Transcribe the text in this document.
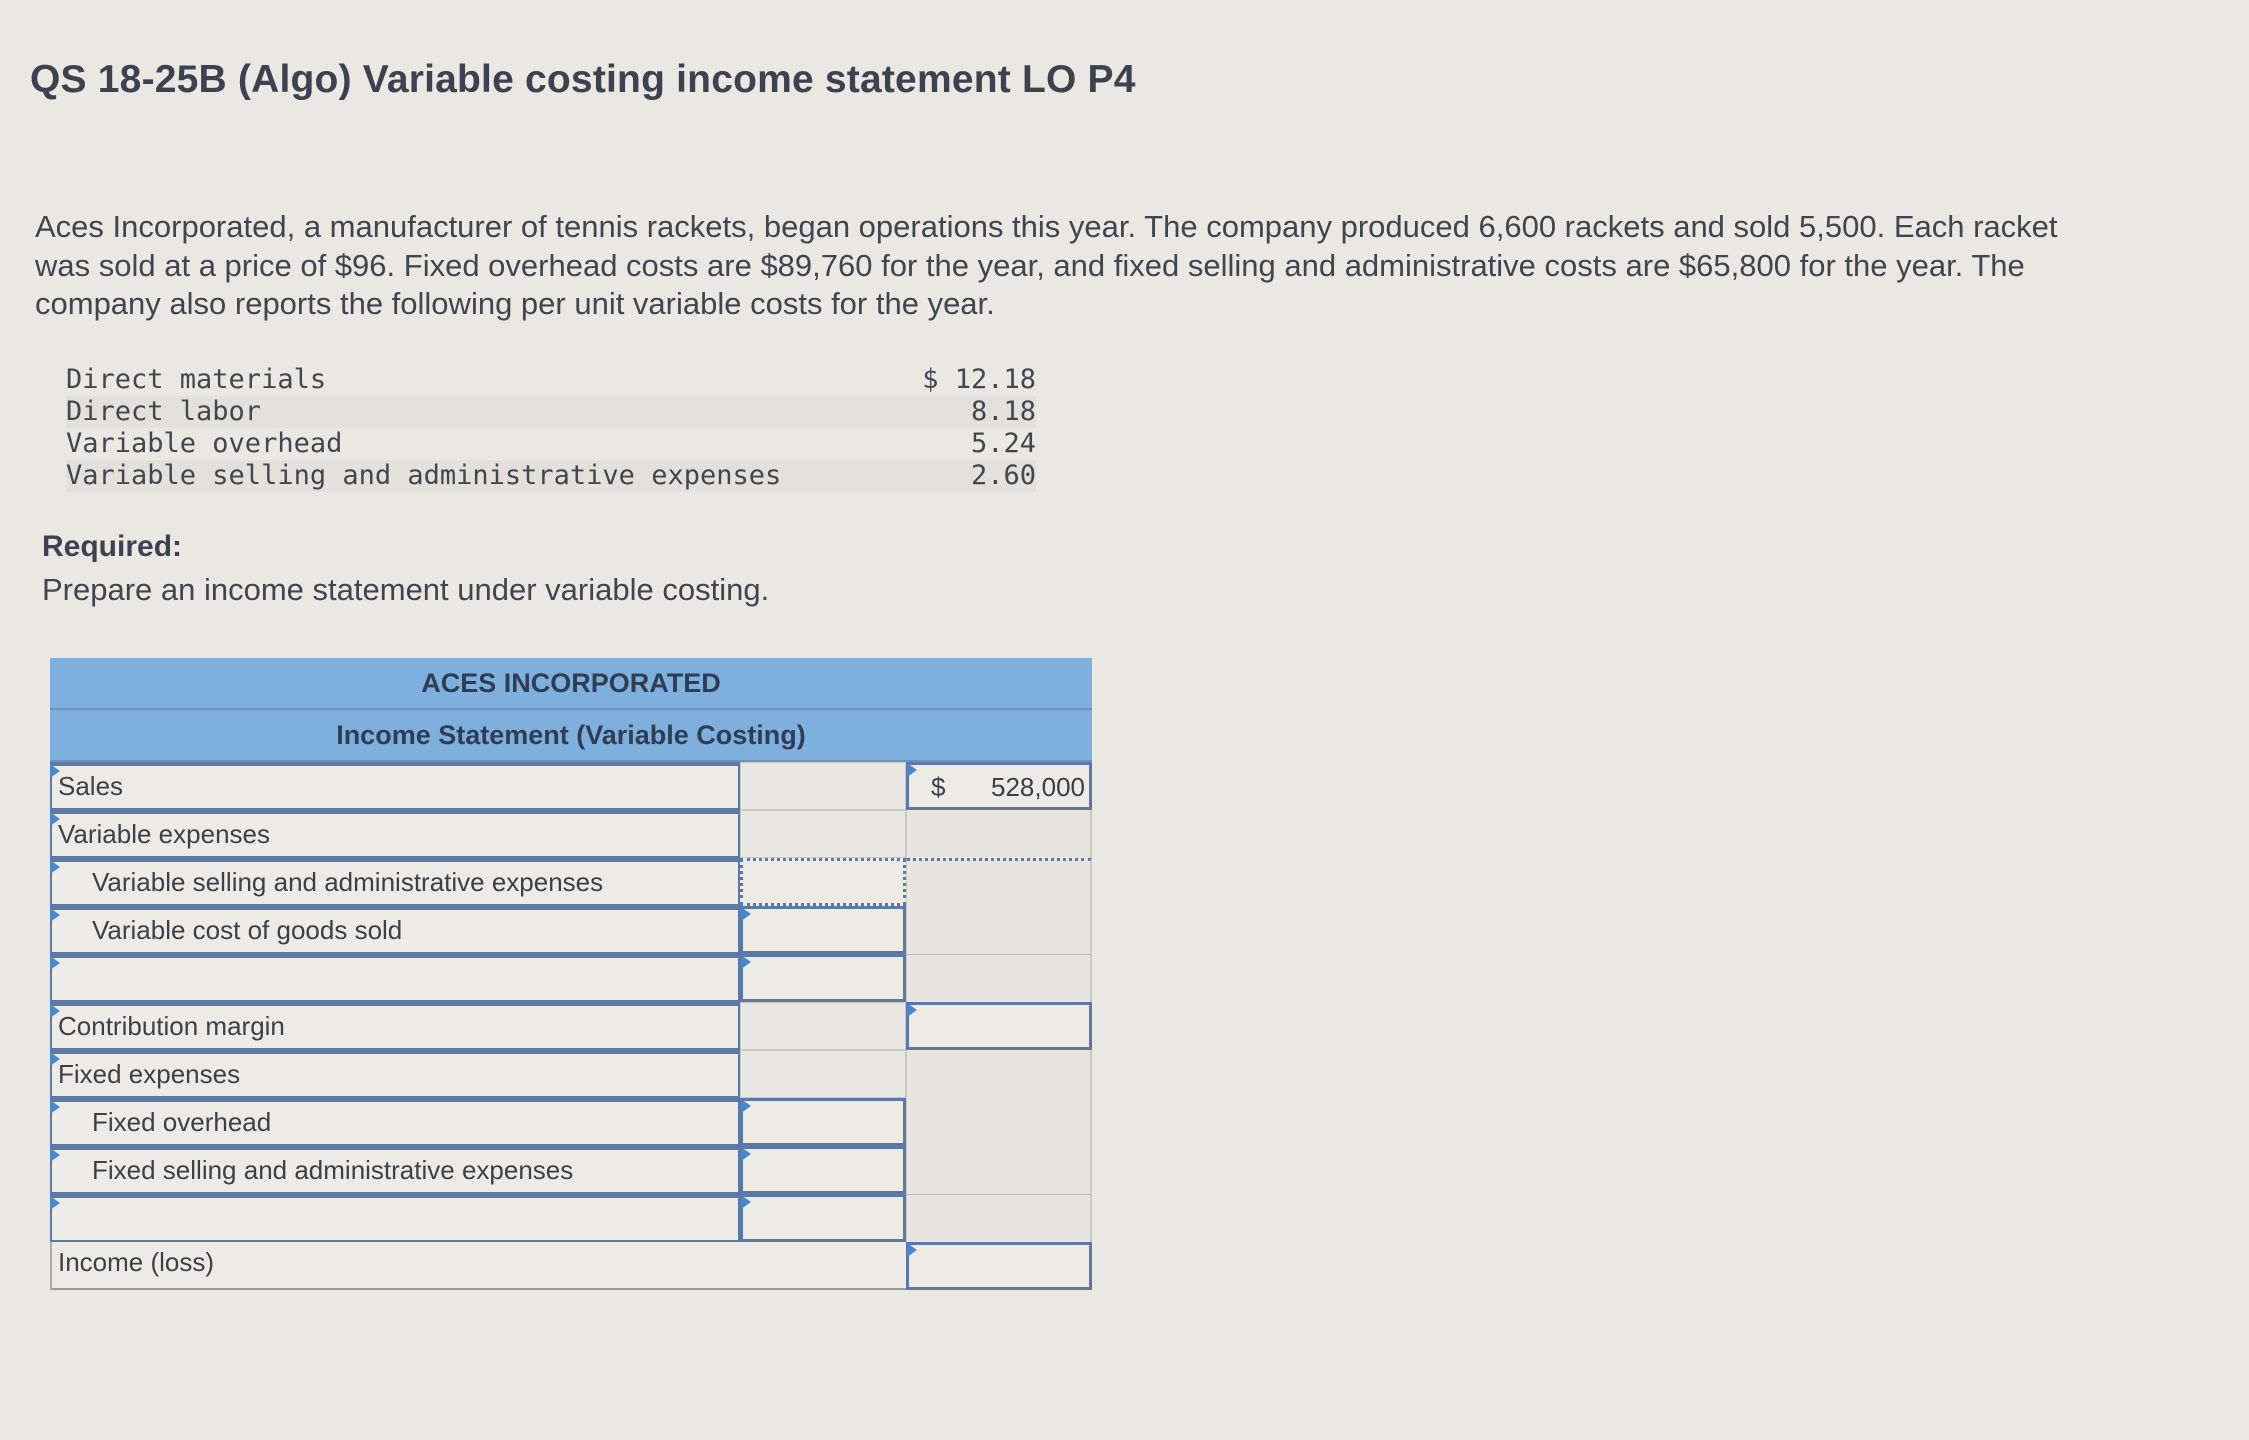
QS 18-25B (Algo) Variable costing income statement LO P4
Aces Incorporated, a manufacturer of tennis rackets, began operations this year. The company produced 6,600 rackets and sold 5,500. Each racket was sold at a price of $96. Fixed overhead costs are $89,760 for the year, and fixed selling and administrative costs are $65,800 for the year. The company also reports the following per unit variable costs for the year.
Direct materials	$ 12.18
Direct labor	8.18
Variable overhead	5.24
Variable selling and administrative expenses	2.60
Required:
Prepare an income statement under variable costing.
ACES INCORPORATED
Income Statement (Variable Costing)
Sales	$ 528,000
Variable expenses
Variable selling and administrative expenses
Variable cost of goods sold
Contribution margin
Fixed expenses
Fixed overhead
Fixed selling and administrative expenses
Income (loss)
